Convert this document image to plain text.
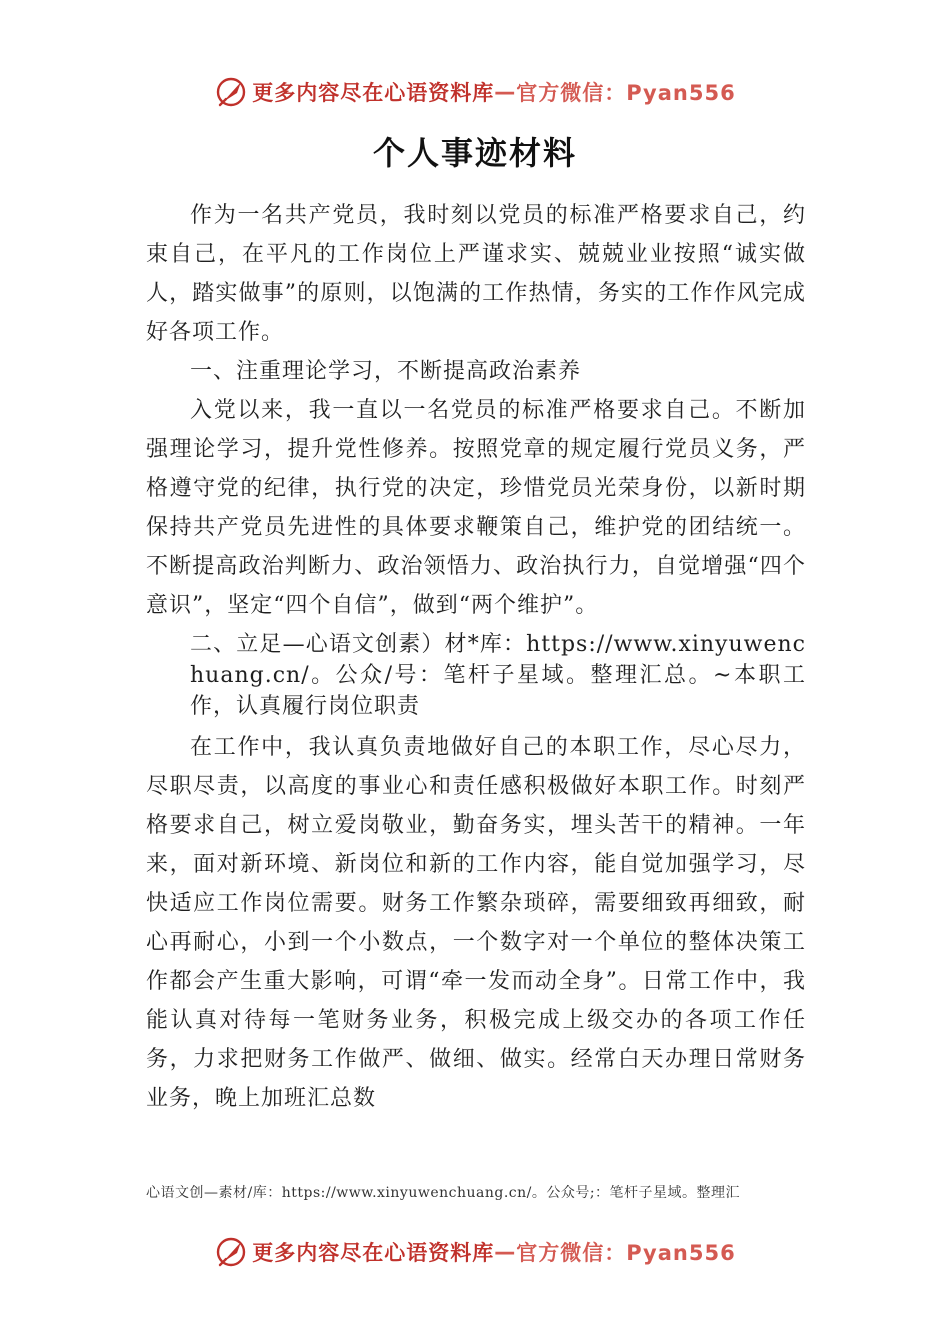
更多内容尽在心语资料库 — 官方微信：Pyan556
个人事迹材料

作为一名共产党员，我时刻以党员的标准严格要求自己，约束自己，在平凡的工作岗位上严谨求实、兢兢业业按照“诚实做人，踏实做事”的原则，以饱满的工作热情，务实的工作作风完成好各项工作。

一、注重理论学习，不断提高政治素养

入党以来，我一直以一名党员的标准严格要求自己。不断加强理论学习，提升党性修养。按照党章的规定履行党员义务，严格遵守党的纪律，执行党的决定，珍惜党员光荣身份，以新时期保持共产党员先进性的具体要求鞭策自己，维护党的团结统一。不断提高政治判断力、政治领悟力、政治执行力，自觉增强“四个意识”，坚定“四个自信”，做到“两个维护”。

二、立足—心语文创素）材*库：https://www.xinyuwenchuang.cn/。公众/号：笔杆子星域。整理汇总。~本职工作，认真履行岗位职责

在工作中，我认真负责地做好自己的本职工作，尽心尽力，尽职尽责，以高度的事业心和责任感积极做好本职工作。时刻严格要求自己，树立爱岗敬业，勤奋务实，埋头苦干的精神。一年来，面对新环境、新岗位和新的工作内容，能自觉加强学习，尽快适应工作岗位需要。财务工作繁杂琐碎，需要细致再细致，耐心再耐心，小到一个小数点，一个数字对一个单位的整体决策工作都会产生重大影响，可谓“牵一发而动全身”。日常工作中，我能认真对待每一笔财务业务，积极完成上级交办的各项工作任务，力求把财务工作做严、做细、做实。经常白天办理日常财务业务，晚上加班汇总数

心语文创—素材/库：https://www.xinyuwenchuang.cn/。公众号;：笔杆子星域。整理汇
更多内容尽在心语资料库 — 官方微信：Pyan556
